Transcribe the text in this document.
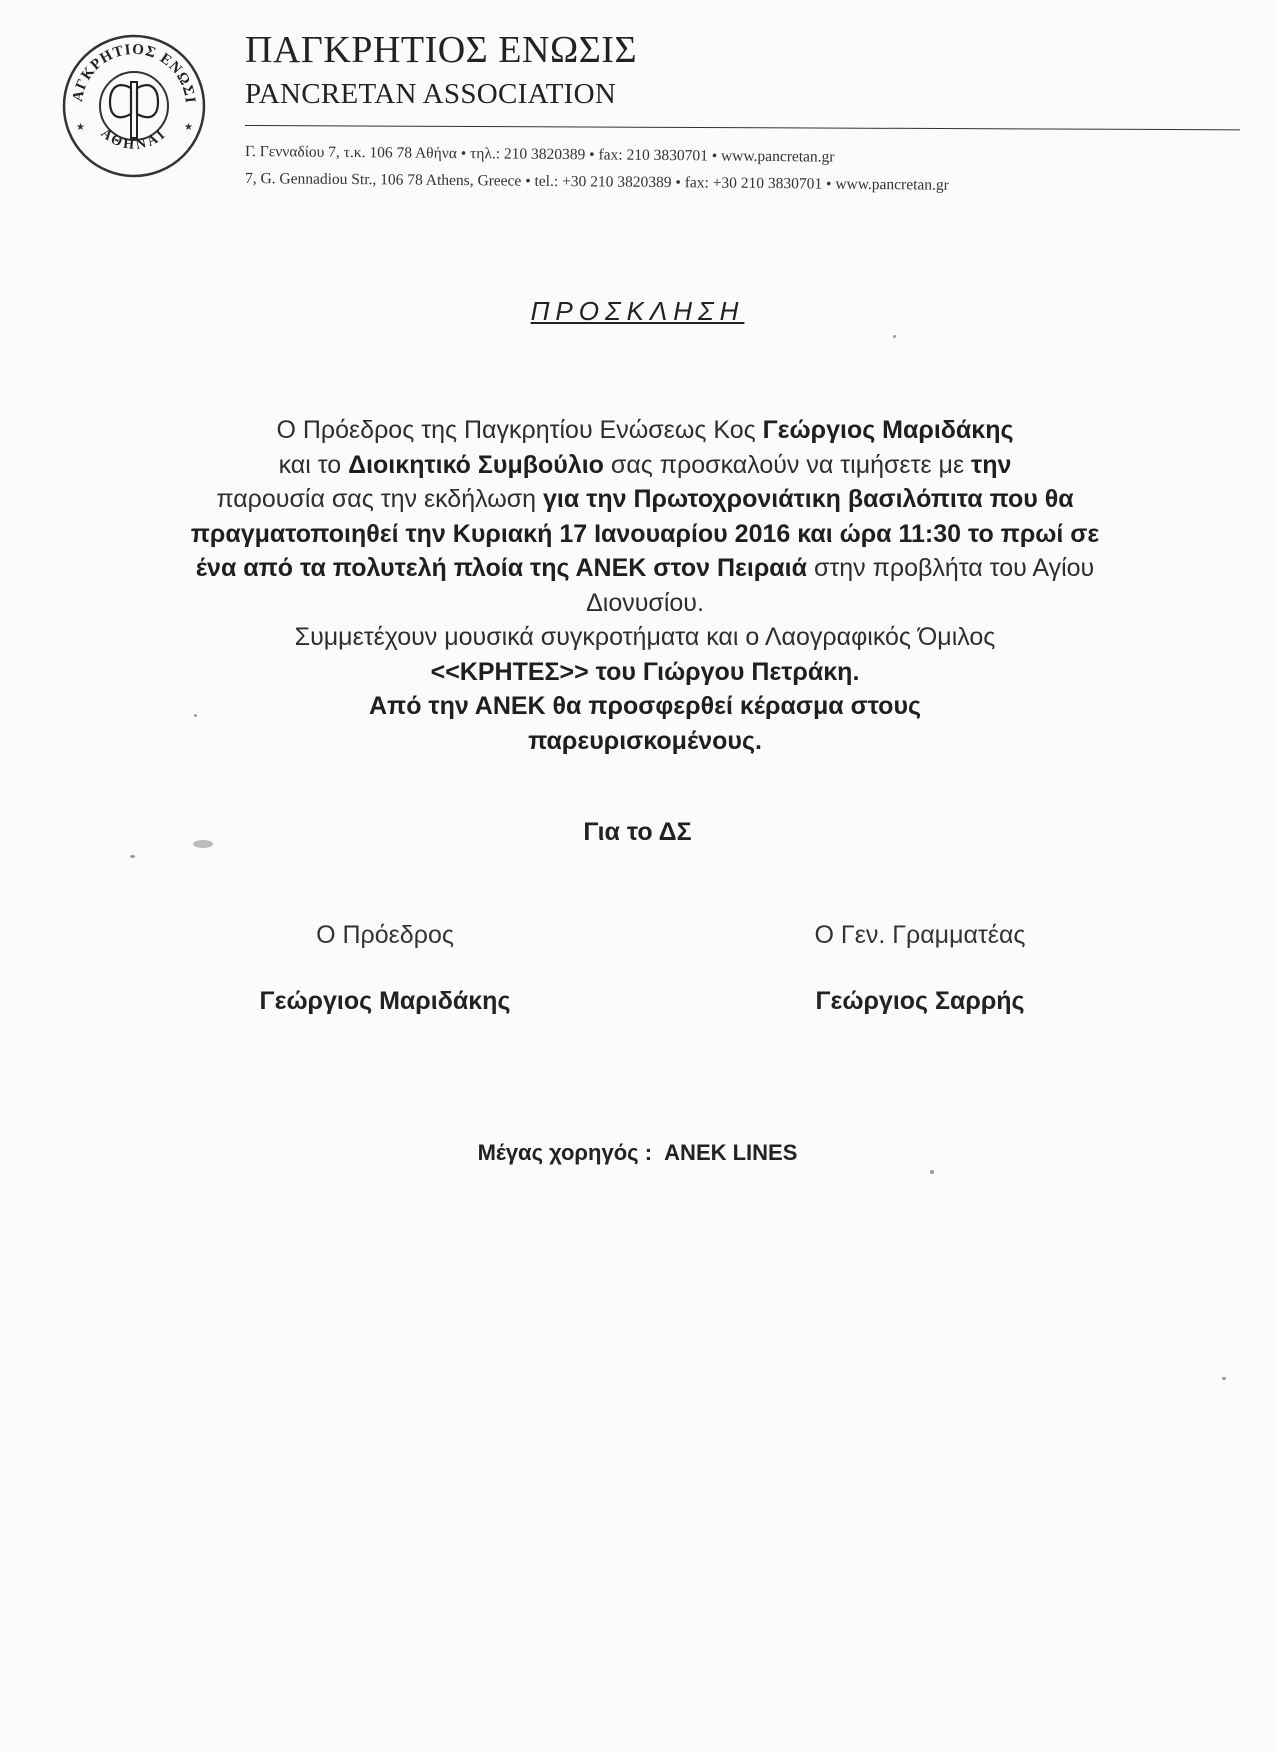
ΑΓΚΡΗΤΙΟΣ ΕΝΩΣΙ
ΑΘΗΝΑΙ
★	★
ΠΑΓΚΡΗΤΙΟΣ ΕΝΩΣΙΣ
PANCRETAN ASSOCIATION
Γ. Γενναδίου 7, τ.κ. 106 78 Αθήνα • τηλ.: 210 3820389 • fax: 210 3830701 • www.pancretan.gr
7, G. Gennadiou Str., 106 78 Athens, Greece • tel.: +30 210 3820389 • fax: +30 210 3830701 • www.pancretan.gr
ΠΡΟΣΚΛΗΣΗ
Ο Πρόεδρος της Παγκρητίου Ενώσεως Κος Γεώργιος Μαριδάκης
και το Διοικητικό Συμβούλιο σας προσκαλούν να τιμήσετε με την
παρουσία σας την εκδήλωση για την Πρωτοχρονιάτικη βασιλόπιτα που θα πραγματοποιηθεί την Κυριακή 17 Ιανουαρίου 2016 και ώρα 11:30 το πρωί σε ένα από τα πολυτελή πλοία της ΑΝΕΚ στον Πειραιά στην προβλήτα του Αγίου Διονυσίου.
Συμμετέχουν μουσικά συγκροτήματα και ο Λαογραφικός Όμιλος
<<ΚΡΗΤΕΣ>> του Γιώργου Πετράκη.
Από την ΑΝΕΚ θα προσφερθεί κέρασμα στους παρευρισκομένους.
Για το ΔΣ
Ο Πρόεδρος	Ο Γεν. Γραμματέας
Γεώργιος Μαριδάκης	Γεώργιος Σαρρής
Μέγας χορηγός : ANEK LINES
